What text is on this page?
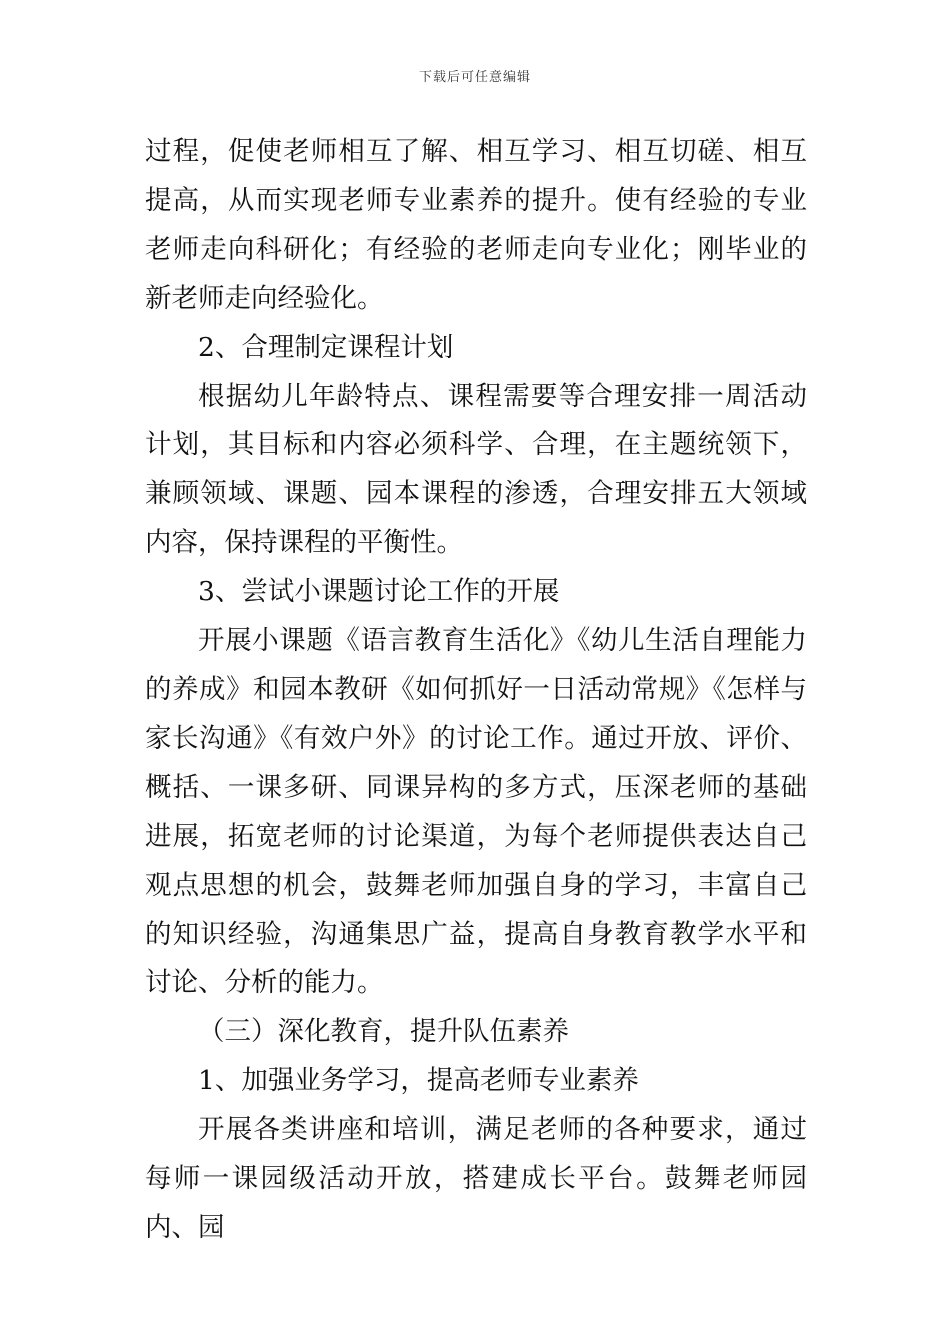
下载后可任意编辑

过程，促使老师相互了解、相互学习、相互切磋、相互提高，从而实现老师专业素养的提升。使有经验的专业老师走向科研化；有经验的老师走向专业化；刚毕业的新老师走向经验化。

2、合理制定课程计划

根据幼儿年龄特点、课程需要等合理安排一周活动计划，其目标和内容必须科学、合理，在主题统领下，兼顾领域、课题、园本课程的渗透，合理安排五大领域内容，保持课程的平衡性。

3、尝试小课题讨论工作的开展

开展小课题《语言教育生活化》《幼儿生活自理能力的养成》和园本教研《如何抓好一日活动常规》《怎样与家长沟通》《有效户外》的讨论工作。通过开放、评价、概括、一课多研、同课异构的多方式，压深老师的基础进展，拓宽老师的讨论渠道，为每个老师提供表达自己观点思想的机会，鼓舞老师加强自身的学习，丰富自己的知识经验，沟通集思广益，提高自身教育教学水平和讨论、分析的能力。

（三）深化教育，提升队伍素养

1、加强业务学习，提高老师专业素养

开展各类讲座和培训，满足老师的各种要求，通过每师一课园级活动开放，搭建成长平台。鼓舞老师园内、园
